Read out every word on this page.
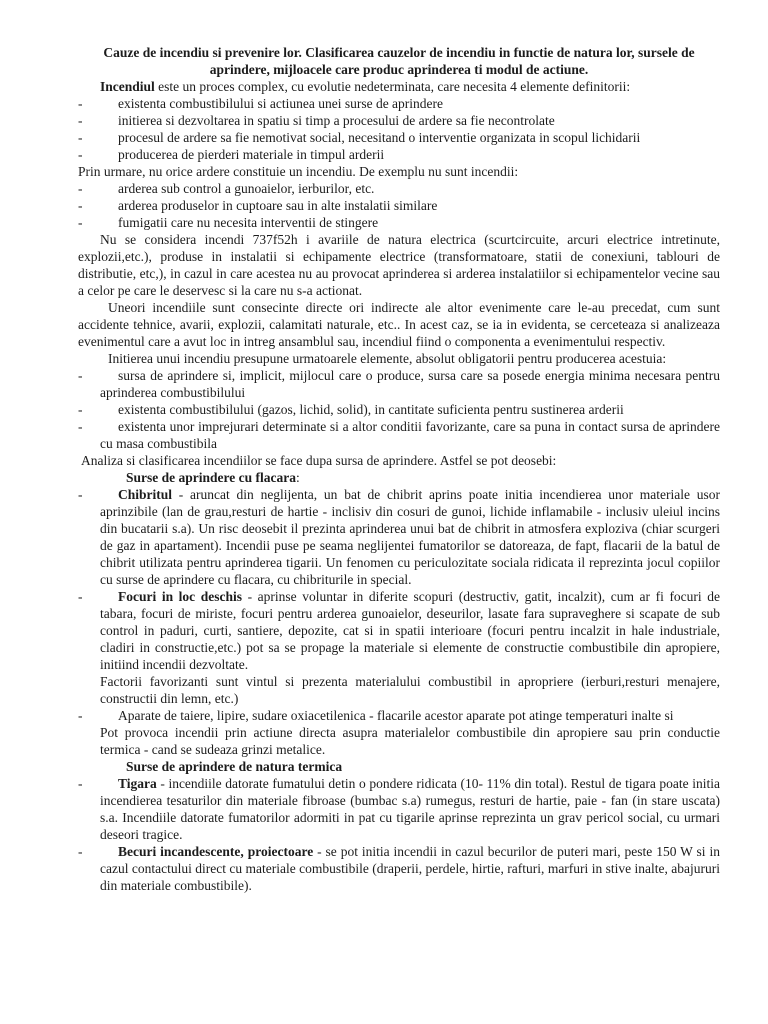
Cauze de incendiu si prevenire lor. Clasificarea cauzelor de incendiu in functie de natura lor, sursele de aprindere, mijloacele care produc aprinderea ti modul de actiune.

Incendiul este un proces complex, cu evolutie nedeterminata, care necesita 4 elemente definitorii:

-	existenta combustibilului si actiunea unei surse de aprindere

-	initierea si dezvoltarea in spatiu si timp a procesului de ardere sa fie necontrolate

-	procesul de ardere sa fie nemotivat social, necesitand o interventie organizata in scopul lichidarii

-	producerea de pierderi materiale in timpul arderii

Prin urmare, nu orice ardere constituie un incendiu. De exemplu nu sunt incendii:

-	arderea sub control a gunoaielor, ierburilor, etc.

-	arderea produselor in cuptoare sau in alte instalatii similare

-	fumigatii care nu necesita interventii de stingere

Nu se considera incendi 737f52h i avariile de natura electrica (scurtcircuite, arcuri electrice intretinute, explozii,etc.), produse in instalatii si echipamente electrice (transformatoare, statii de conexiuni, tablouri de distributie, etc,), in cazul in care acestea nu au provocat aprinderea si arderea instalatiilor si echipamentelor vecine sau a celor pe care le deservesc si la care nu s-a actionat.

Uneori incendiile sunt consecinte directe ori indirecte ale altor evenimente care le-au precedat, cum sunt accidente tehnice, avarii, explozii, calamitati naturale, etc.. In acest caz, se ia in evidenta, se cerceteaza si analizeaza evenimentul care a avut loc in intreg ansamblul sau, incendiul fiind o componenta a evenimentului respectiv.

Initierea unui incendiu presupune urmatoarele elemente, absolut obligatorii pentru producerea acestuia:

-	sursa de aprindere si, implicit, mijlocul care o produce, sursa care sa posede energia minima necesara pentru aprinderea combustibilului

-	existenta combustibilului (gazos, lichid, solid), in cantitate suficienta pentru sustinerea arderii

-	existenta unor imprejurari determinate si a altor conditii favorizante, care sa puna in contact sursa de aprindere cu masa combustibila

Analiza si clasificarea incendiilor se face dupa sursa de aprindere. Astfel se pot deosebi:

Surse de aprindere cu flacara:

-	Chibritul - aruncat din neglijenta, un bat de chibrit aprins poate initia incendierea unor materiale usor aprinzibile (lan de grau,resturi de hartie - inclisiv din cosuri de gunoi, lichide inflamabile - inclusiv uleiul incins din bucatarii s.a). Un risc deosebit il prezinta aprinderea unui bat de chibrit in atmosfera exploziva (chiar scurgeri de gaz in apartament). Incendii puse pe seama neglijentei fumatorilor se datoreaza, de fapt, flacarii de la batul de chibrit utilizata pentru aprinderea tigarii. Un fenomen cu periculozitate sociala ridicata il reprezinta jocul copiilor cu surse de aprindere cu flacara, cu chibriturile in special.

-	Focuri in loc deschis - aprinse voluntar in diferite scopuri (destructiv, gatit, incalzit), cum ar fi focuri de tabara, focuri de miriste, focuri pentru arderea gunoaielor, deseurilor, lasate fara supraveghere si scapate de sub control in paduri, curti, santiere, depozite, cat si in spatii interioare (focuri pentru incalzit in hale industriale, cladiri in constructie,etc.) pot sa se propage la materiale si elemente de constructie combustibile din apropiere, initiind incendii dezvoltate.
Factorii favorizanti sunt vintul si prezenta materialului combustibil in apropriere (ierburi,resturi menajere, constructii din lemn, etc.)

-	Aparate de taiere, lipire, sudare oxiacetilenica - flacarile acestor aparate pot atinge temperaturi inalte si
Pot provoca incendii prin actiune directa asupra materialelor combustibile din apropiere sau prin conductie termica - cand se sudeaza grinzi metalice.

Surse de aprindere de natura termica

-	Tigara - incendiile datorate fumatului detin o pondere ridicata (10- 11% din total). Restul de tigara poate initia incendierea tesaturilor din materiale fibroase (bumbac s.a) rumegus, resturi de hartie, paie - fan (in stare uscata) s.a. Incendiile datorate fumatorilor adormiti in pat cu tigarile aprinse reprezinta un grav pericol social, cu urmari deseori tragice.

-	Becuri incandescente, proiectoare - se pot initia incendii in cazul becurilor de puteri mari, peste 150 W si in cazul contactului direct cu materiale combustibile (draperii, perdele, hirtie, rafturi, marfuri in stive inalte, abajururi din materiale combustibile).
